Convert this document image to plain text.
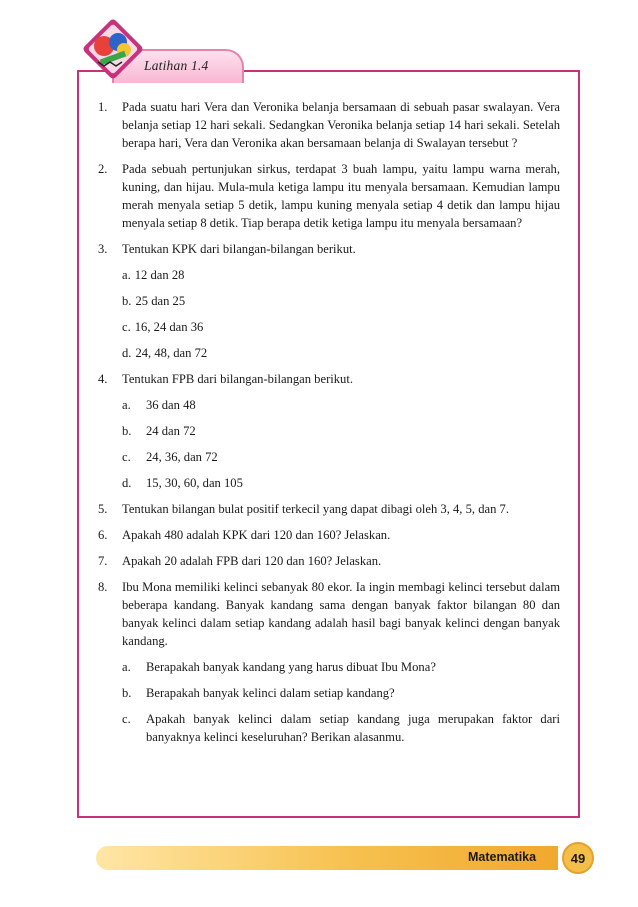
Latihan 1.4
1.	Pada suatu hari Vera dan Veronika belanja bersamaan di sebuah pasar swalayan. Vera belanja setiap 12 hari sekali. Sedangkan Veronika belanja setiap 14 hari sekali. Setelah berapa hari, Vera dan Veronika akan bersamaan belanja di Swalayan tersebut ?
2.	Pada sebuah pertunjukan sirkus, terdapat 3 buah lampu, yaitu lampu warna merah, kuning, dan hijau. Mula-mula ketiga lampu itu menyala bersamaan. Kemudian lampu merah menyala setiap 5 detik, lampu kuning menyala setiap 4 detik dan lampu hijau menyala setiap 8 detik. Tiap berapa detik ketiga lampu itu menyala bersamaan?
3.	Tentukan KPK dari bilangan-bilangan berikut.
a. 12 dan 28
b. 25 dan 25
c. 16, 24 dan 36
d. 24, 48, dan 72
4.	Tentukan FPB dari bilangan-bilangan berikut.
a.	36 dan 48
b.	24 dan 72
c.	24, 36, dan 72
d.	15, 30, 60, dan 105
5.	Tentukan bilangan bulat positif terkecil yang dapat dibagi oleh 3, 4, 5, dan 7.
6.	Apakah 480 adalah KPK dari 120 dan 160? Jelaskan.
7.	Apakah 20 adalah FPB dari 120 dan 160? Jelaskan.
8.	Ibu Mona memiliki kelinci sebanyak 80 ekor. Ia ingin membagi kelinci tersebut dalam beberapa kandang. Banyak kandang sama dengan banyak faktor bilangan 80 dan banyak kelinci dalam setiap kandang adalah hasil bagi banyak kelinci dengan banyak kandang.
a.	Berapakah banyak kandang yang harus dibuat Ibu Mona?
b.	Berapakah banyak kelinci dalam setiap kandang?
c.	Apakah banyak kelinci dalam setiap kandang juga merupakan faktor dari banyaknya kelinci keseluruhan? Berikan alasanmu.
Matematika	49
